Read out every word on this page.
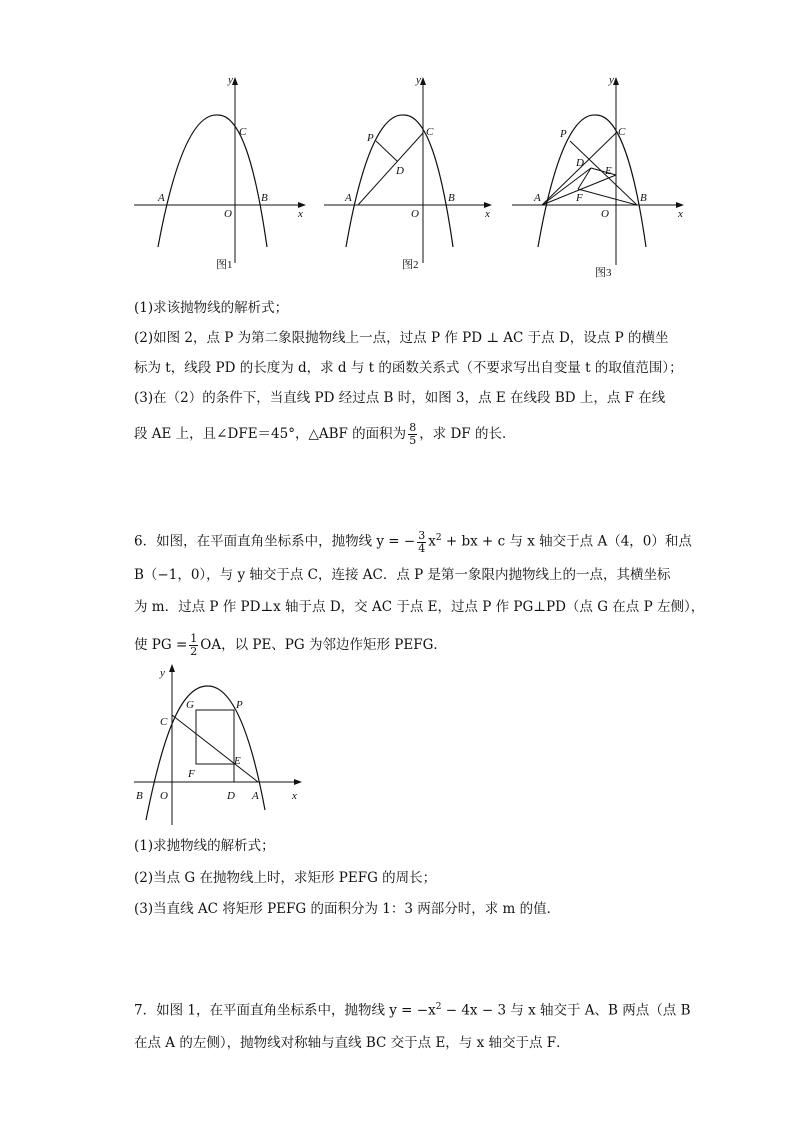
y
x
A
O
B
C
图1
y
x
A
O
B
C
P
D
图2
y
x
A
O
B
C
P
D
E
F
图3
(1)求该抛物线的解析式；
(2)如图 2，点 P 为第二象限抛物线上一点，过点 P 作 PD ⊥ AC 于点 D，设点 P 的横坐
标为 t，线段 PD 的长度为 d，求 d 与 t 的函数关系式（不要求写出自变量 t 的取值范围）；
(3)在（2）的条件下，当直线 PD 经过点 B 时，如图 3，点 E 在线段 BD 上，点 F 在线
段 AE 上，且∠DFE＝45°，△ABF 的面积为 $\frac{8}{5}$ ，求 DF 的长．
6．如图，在平面直角坐标系中，抛物线 y = − $\frac{3}{4} x^2$ + bx + c 与 x 轴交于点 A（4，0）和点
B（−1，0），与 y 轴交于点 C，连接 AC．点 P 是第一象限内抛物线上的一点，其横坐标
为 m．过点 P 作 PD⊥x 轴于点 D，交 AC 于点 E，过点 P 作 PG⊥PD（点 G 在点 P 左侧），
使 PG = $\frac{1}{2}$ OA，以 PE、PG 为邻边作矩形 PEFG．
y
x
C
G	P
F
E
B O	D A
(1)求抛物线的解析式；
(2)当点 G 在抛物线上时，求矩形 PEFG 的周长；
(3)当直线 AC 将矩形 PEFG 的面积分为 1：3 两部分时，求 m 的值．
7．如图 1，在平面直角坐标系中，抛物线 $y = -x^2 - 4x - 3$ 与 x 轴交于 A、B 两点（点 B
在点 A 的左侧），抛物线对称轴与直线 BC 交于点 E，与 x 轴交于点 F．
